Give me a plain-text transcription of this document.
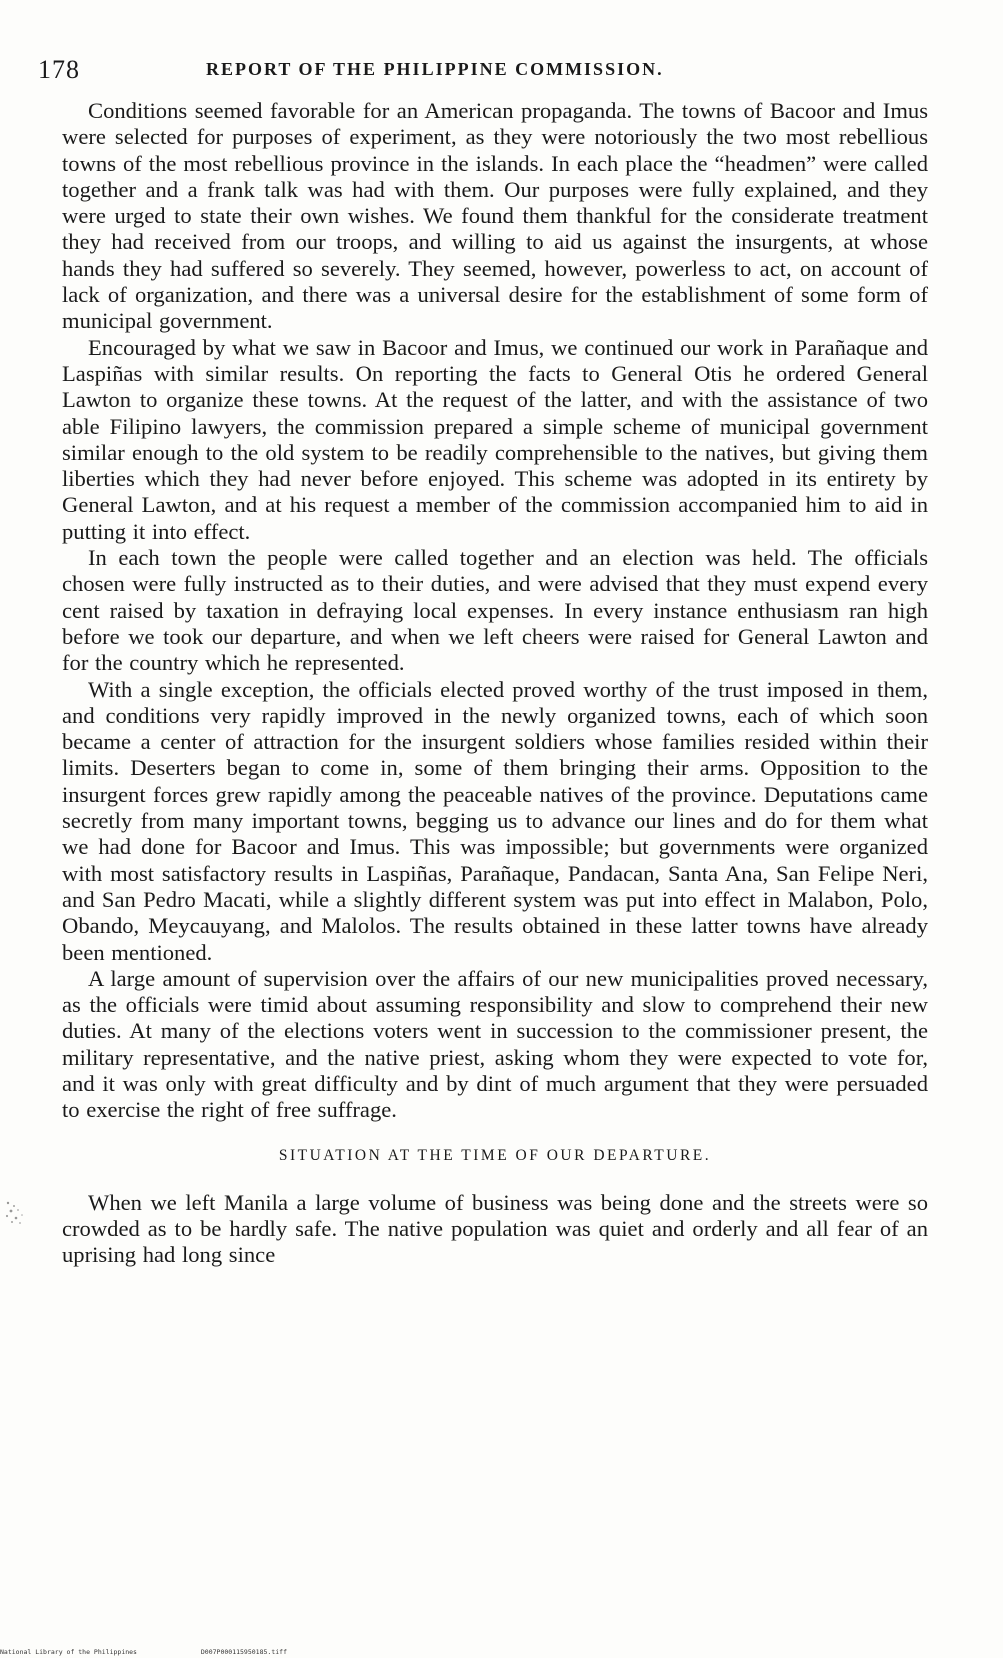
178	REPORT OF THE PHILIPPINE COMMISSION.

Conditions seemed favorable for an American propaganda. The towns of Bacoor and Imus were selected for purposes of experiment, as they were notoriously the two most rebellious towns of the most rebellious province in the islands. In each place the “headmen” were called together and a frank talk was had with them. Our purposes were fully explained, and they were urged to state their own wishes. We found them thankful for the considerate treatment they had received from our troops, and willing to aid us against the insurgents, at whose hands they had suffered so severely. They seemed, however, powerless to act, on account of lack of organization, and there was a universal desire for the establishment of some form of municipal government.

Encouraged by what we saw in Bacoor and Imus, we continued our work in Parañaque and Laspiñas with similar results. On reporting the facts to General Otis he ordered General Lawton to organize these towns. At the request of the latter, and with the assistance of two able Filipino lawyers, the commission prepared a simple scheme of municipal government similar enough to the old system to be readily comprehensible to the natives, but giving them liberties which they had never before enjoyed. This scheme was adopted in its entirety by General Lawton, and at his request a member of the commission accompanied him to aid in putting it into effect.

In each town the people were called together and an election was held. The officials chosen were fully instructed as to their duties, and were advised that they must expend every cent raised by taxation in defraying local expenses. In every instance enthusiasm ran high before we took our departure, and when we left cheers were raised for General Lawton and for the country which he represented.

With a single exception, the officials elected proved worthy of the trust imposed in them, and conditions very rapidly improved in the newly organized towns, each of which soon became a center of attraction for the insurgent soldiers whose families resided within their limits. Deserters began to come in, some of them bringing their arms. Opposition to the insurgent forces grew rapidly among the peaceable natives of the province. Deputations came secretly from many important towns, begging us to advance our lines and do for them what we had done for Bacoor and Imus. This was impossible; but governments were organized with most satisfactory results in Laspiñas, Parañaque, Pandacan, Santa Ana, San Felipe Neri, and San Pedro Macati, while a slightly different system was put into effect in Malabon, Polo, Obando, Meycauyang, and Malolos. The results obtained in these latter towns have already been mentioned.

A large amount of supervision over the affairs of our new municipalities proved necessary, as the officials were timid about assuming responsibility and slow to comprehend their new duties. At many of the elections voters went in succession to the commissioner present, the military representative, and the native priest, asking whom they were expected to vote for, and it was only with great difficulty and by dint of much argument that they were persuaded to exercise the right of free suffrage.

SITUATION AT THE TIME OF OUR DEPARTURE.

When we left Manila a large volume of business was being done and the streets were so crowded as to be hardly safe. The native population was quiet and orderly and all fear of an uprising had long since

National Library of the Philippines	D007P000115950185.tiff
